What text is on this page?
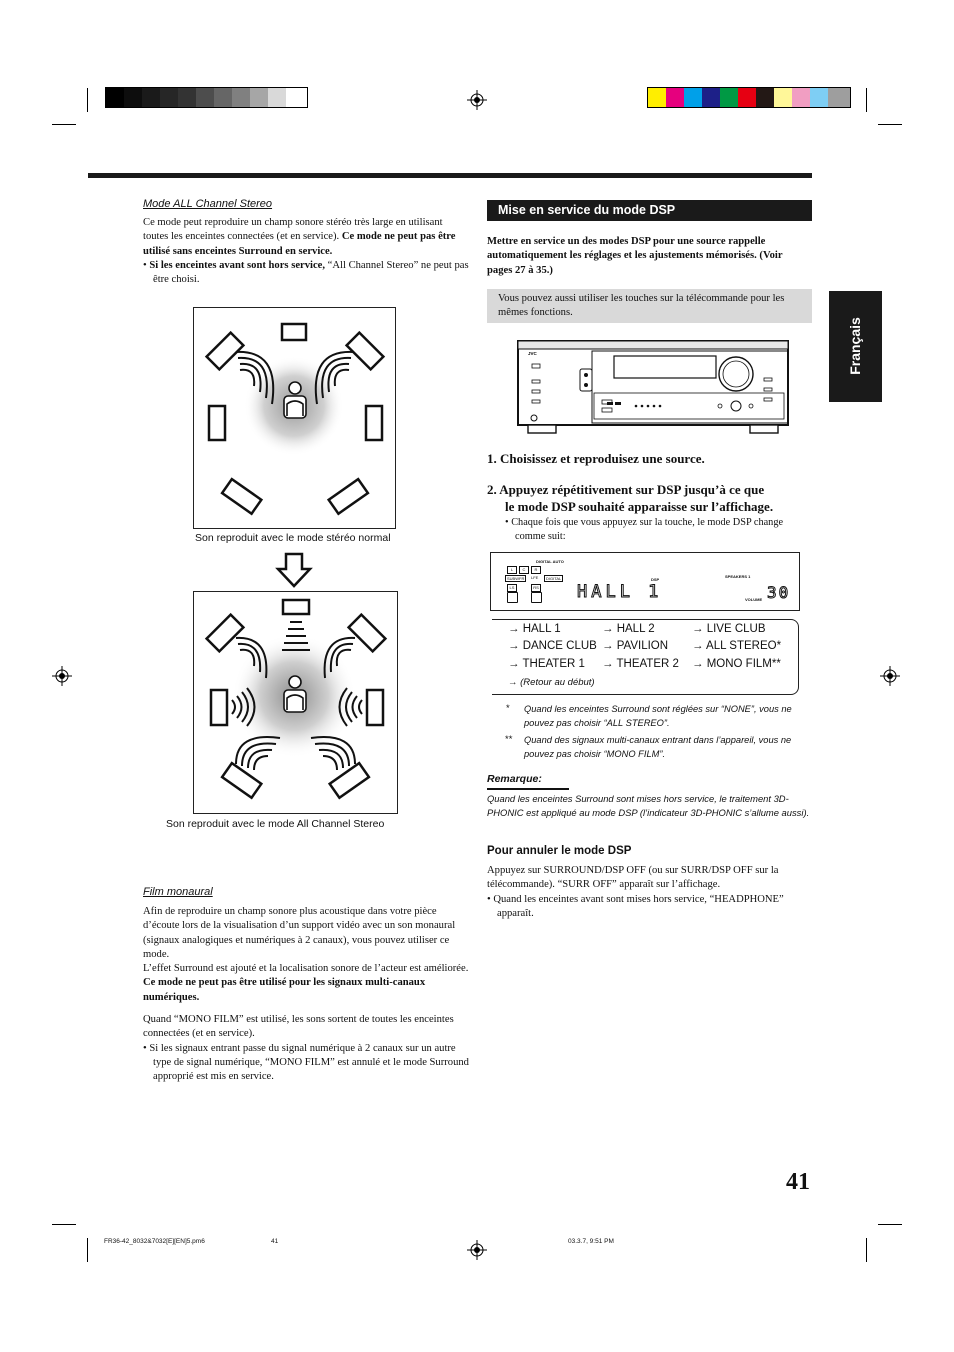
Français
Mode ALL Channel Stereo
Ce mode peut reproduire un champ sonore stéréo très large en utilisant toutes les enceintes connectées (et en service). Ce mode ne peut pas être utilisé sans enceintes Surround en service.
• Si les enceintes avant sont hors service, “All Channel Stereo” ne peut pas être choisi.
Son reproduit avec le mode stéréo normal
Son reproduit avec le mode All Channel Stereo
Film monaural
Afin de reproduire un champ sonore plus acoustique dans votre pièce d’écoute lors de la visualisation d’un support vidéo avec un son monaural (signaux analogiques et numériques à 2 canaux), vous pouvez utiliser ce mode.
L’effet Surround est ajouté et la localisation sonore de l’acteur est améliorée. Ce mode ne peut pas être utilisé pour les signaux multi-canaux numériques.
Quand “MONO FILM” est utilisé, les sons sortent de toutes les enceintes connectées (et en service).
• Si les signaux entrant passe du signal numérique à 2 canaux sur un autre type de signal numérique, “MONO FILM” est annulé et le mode Surround approprié est mis en service.
Mise en service du mode DSP
Mettre en service un des modes DSP pour une source rappelle automatiquement les réglages et les ajustements mémorisés. (Voir pages 27 à 35.)
Vous pouvez aussi utiliser les touches sur la télécommande pour les mêmes fonctions.
JVC
1. Choisissez et reproduisez une source.
2. Appuyez répétitivement sur DSP jusqu’à ce que
le mode DSP souhaité apparaisse sur l’affichage.
• Chaque fois que vous appuyez sur la touche, le mode DSP change comme suit:
DIGITAL AUTO
L	C	R
SUBWFR	LFE	DIGITAL
LS	RS
DVD
HALL 1
DSP
SPEAKERS 1
VOLUME 30
→ HALL 1	→ HALL 2	→ LIVE CLUB
→ DANCE CLUB → PAVILION → ALL STEREO*
→ THEATER 1 → THEATER 2 → MONO FILM**
→ (Retour au début)
* Quand les enceintes Surround sont réglées sur “NONE”, vous ne pouvez pas choisir “ALL STEREO”.
** Quand des signaux multi-canaux entrant dans l’appareil, vous ne pouvez pas choisir “MONO FILM”.
Remarque:
Quand les enceintes Surround sont mises hors service, le traitement 3D-PHONIC est appliqué au mode DSP (l’indicateur 3D-PHONIC s’allume aussi).
Pour annuler le mode DSP
Appuyez sur SURROUND/DSP OFF (ou sur SURR/DSP OFF sur la télécommande). “SURR OFF” apparaît sur l’affichage.
• Quand les enceintes avant sont mises hors service, “HEADPHONE” apparaît.
41
FR36-42_8032&7032[E][EN]5.pm6	41	03.3.7, 9:51 PM
